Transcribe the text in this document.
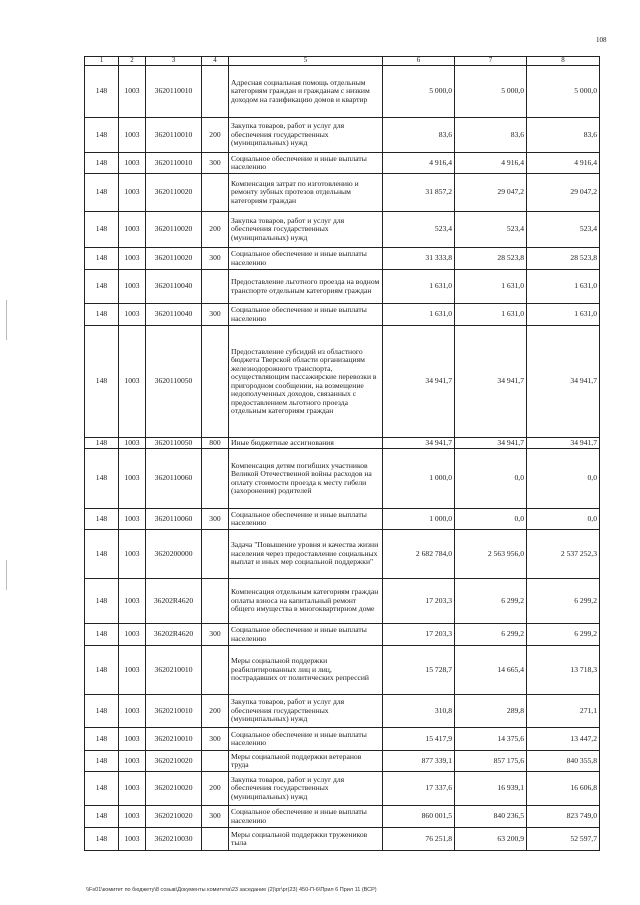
108
1	2	3	4	5	6	7	8
148	1003	3620110010		Адресная социальная помощь отдельным категориям граждан и гражданам с низким доходом на газификацию домов и квартир	5 000,0	5 000,0	5 000,0
148	1003	3620110010	200	Закупка товаров, работ и услуг для обеспечения государственных (муниципальных) нужд	83,6	83,6	83,6
148	1003	3620110010	300	Социальное обеспечение и иные выплаты населению	4 916,4	4 916,4	4 916,4
148	1003	3620110020		Компенсация затрат по изготовлению и ремонту зубных протезов отдельным категориям граждан	31 857,2	29 047,2	29 047,2
148	1003	3620110020	200	Закупка товаров, работ и услуг для обеспечения государственных (муниципальных) нужд	523,4	523,4	523,4
148	1003	3620110020	300	Социальное обеспечение и иные выплаты населению	31 333,8	28 523,8	28 523,8
148	1003	3620110040		Предоставление льготного проезда на водном транспорте отдельным категориям граждан	1 631,0	1 631,0	1 631,0
148	1003	3620110040	300	Социальное обеспечение и иные выплаты населению	1 631,0	1 631,0	1 631,0
148	1003	3620110050		Предоставление субсидий из областного бюджета Тверской области организациям железнодорожного транспорта, осуществляющим пассажирские перевозки в пригородном сообщении, на возмещение недополученных доходов, связанных с предоставлением льготного проезда отдельным категориям граждан	34 941,7	34 941,7	34 941,7
148	1003	3620110050	800	Иные бюджетные ассигнования	34 941,7	34 941,7	34 941,7
148	1003	3620110060		Компенсация детям погибших участников Великой Отечественной войны расходов на оплату стоимости проезда к месту гибели (захоронения) родителей	1 000,0	0,0	0,0
148	1003	3620110060	300	Социальное обеспечение и иные выплаты населению	1 000,0	0,0	0,0
148	1003	3620200000		Задача "Повышение уровня и качества жизни населения через предоставление социальных выплат и иных мер социальной поддержки"	2 682 784,0	2 563 956,0	2 537 252,3
148	1003	36202R4620		Компенсация отдельным категориям граждан оплаты взноса на капитальный ремонт общего имущества в многоквартирном доме	17 203,3	6 299,2	6 299,2
148	1003	36202R4620	300	Социальное обеспечение и иные выплаты населению	17 203,3	6 299,2	6 299,2
148	1003	3620210010		Меры социальной поддержки реабилитированных лиц и лиц, пострадавших от политических репрессий	15 728,7	14 665,4	13 718,3
148	1003	3620210010	200	Закупка товаров, работ и услуг для обеспечения государственных (муниципальных) нужд	310,8	289,8	271,1
148	1003	3620210010	300	Социальное обеспечение и иные выплаты населению	15 417,9	14 375,6	13 447,2
148	1003	3620210020		Меры социальной поддержки ветеранов труда	877 339,1	857 175,6	840 355,8
148	1003	3620210020	200	Закупка товаров, работ и услуг для обеспечения государственных (муниципальных) нужд	17 337,6	16 939,1	16 606,8
148	1003	3620210020	300	Социальное обеспечение и иные выплаты населению	860 001,5	840 236,5	823 749,0
148	1003	3620210030		Меры социальной поддержки тружеников тыла	76 251,8	63 200,9	52 597,7
\\Fs01\комитет по бюджету\8 созыв\Документы комитета\23 заседание (2)\рг\рг(23) 450-П-6\Прил 6 Прил 11 (ВСР)
